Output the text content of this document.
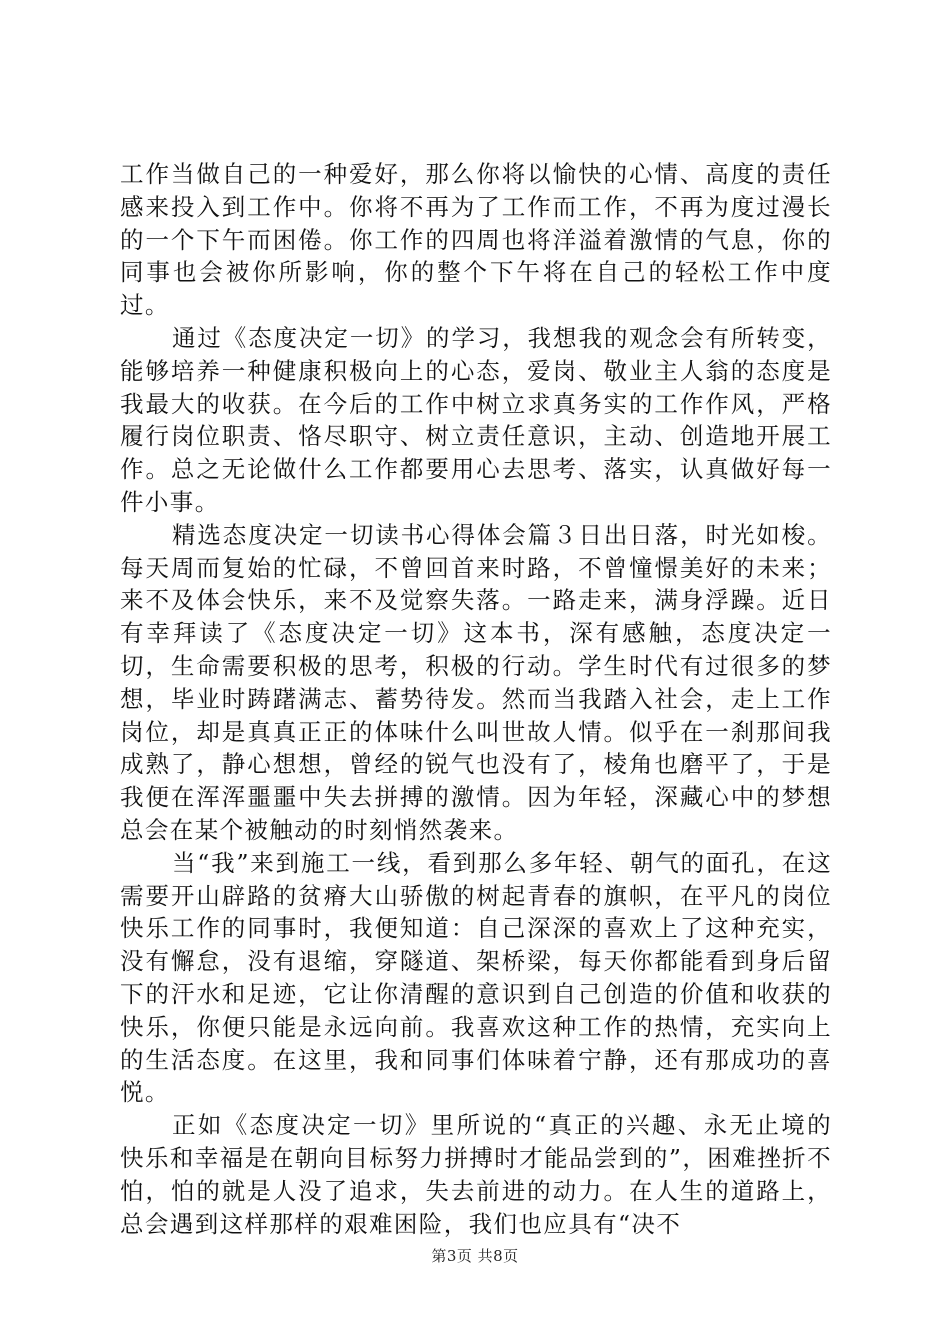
工作当做自己的一种爱好，那么你将以愉快的心情、高度的责任感来投入到工作中。你将不再为了工作而工作，不再为度过漫长的一个下午而困倦。你工作的四周也将洋溢着激情的气息，你的同事也会被你所影响，你的整个下午将在自己的轻松工作中度过。

通过《态度决定一切》的学习，我想我的观念会有所转变，能够培养一种健康积极向上的心态，爱岗、敬业主人翁的态度是我最大的收获。在今后的工作中树立求真务实的工作作风，严格履行岗位职责、恪尽职守、树立责任意识，主动、创造地开展工作。总之无论做什么工作都要用心去思考、落实，认真做好每一件小事。

精选态度决定一切读书心得体会篇３日出日落，时光如梭。每天周而复始的忙碌，不曾回首来时路，不曾憧憬美好的未来；来不及体会快乐，来不及觉察失落。一路走来，满身浮躁。近日有幸拜读了《态度决定一切》这本书，深有感触，态度决定一切，生命需要积极的思考，积极的行动。学生时代有过很多的梦想，毕业时踌躇满志、蓄势待发。然而当我踏入社会，走上工作岗位，却是真真正正的体味什么叫世故人情。似乎在一刹那间我成熟了，静心想想，曾经的锐气也没有了，棱角也磨平了，于是我便在浑浑噩噩中失去拼搏的激情。因为年轻，深藏心中的梦想总会在某个被触动的时刻悄然袭来。

当“我”来到施工一线，看到那么多年轻、朝气的面孔，在这需要开山辟路的贫瘠大山骄傲的树起青春的旗帜，在平凡的岗位快乐工作的同事时，我便知道：自己深深的喜欢上了这种充实，没有懈怠，没有退缩，穿隧道、架桥梁，每天你都能看到身后留下的汗水和足迹，它让你清醒的意识到自己创造的价值和收获的快乐，你便只能是永远向前。我喜欢这种工作的热情，充实向上的生活态度。在这里，我和同事们体味着宁静，还有那成功的喜悦。

正如《态度决定一切》里所说的“真正的兴趣、永无止境的快乐和幸福是在朝向目标努力拼搏时才能品尝到的”，困难挫折不怕，怕的就是人没了追求，失去前进的动力。在人生的道路上，总会遇到这样那样的艰难困险，我们也应具有“决不

第3页 共8页
